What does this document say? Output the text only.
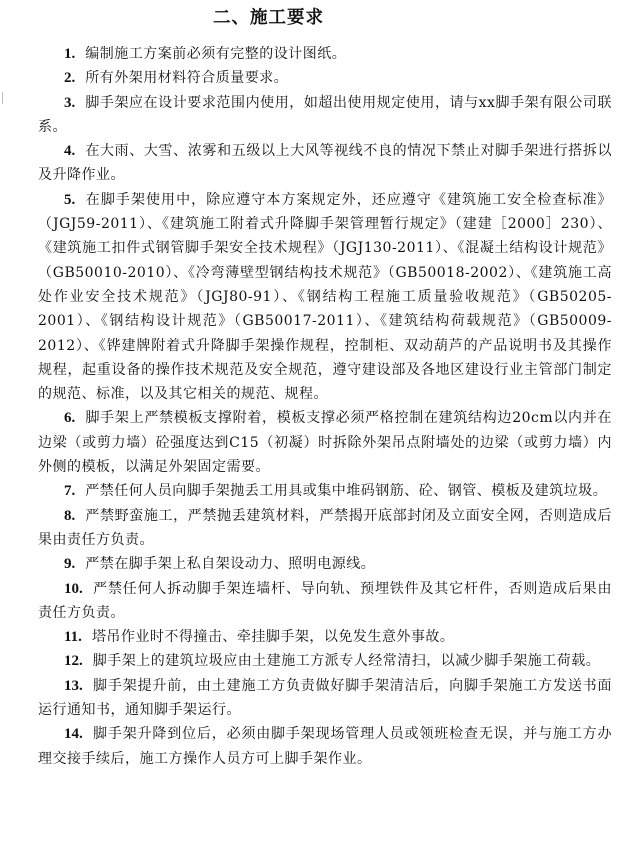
二、施工要求

1. 编制施工方案前必须有完整的设计图纸。

2. 所有外架用材料符合质量要求。

3. 脚手架应在设计要求范围内使用，如超出使用规定使用，请与xx脚手架有限公司联系。

4. 在大雨、大雪、浓雾和五级以上大风等视线不良的情况下禁止对脚手架进行搭拆以及升降作业。

5. 在脚手架使用中，除应遵守本方案规定外，还应遵守《建筑施工安全检查标准》（JGJ59-2011）、《建筑施工附着式升降脚手架管理暂行规定》（建建［2000］230）、《建筑施工扣件式钢管脚手架安全技术规程》（JGJ130-2011）、《混凝土结构设计规范》（GB50010-2010）、《冷弯薄壁型钢结构技术规范》（GB50018-2002）、《建筑施工高处作业安全技术规范》（JGJ80-91）、《钢结构工程施工质量验收规范》（GB50205-2001）、《钢结构设计规范》（GB50017-2011）、《建筑结构荷载规范》（GB50009-2012）、《铧建牌附着式升降脚手架操作规程，控制柜、双动葫芦的产品说明书及其操作规程，起重设备的操作技术规范及安全规范，遵守建设部及各地区建设行业主管部门制定的规范、标准，以及其它相关的规范、规程。

6. 脚手架上严禁模板支撑附着，模板支撑必须严格控制在建筑结构边20cm以内并在边梁（或剪力墙）砼强度达到C15（初凝）时拆除外架吊点附墙处的边梁（或剪力墙）内外侧的模板，以满足外架固定需要。

7. 严禁任何人员向脚手架抛丢工用具或集中堆码钢筋、砼、钢管、模板及建筑垃圾。

8. 严禁野蛮施工，严禁抛丢建筑材料，严禁揭开底部封闭及立面安全网，否则造成后果由责任方负责。

9. 严禁在脚手架上私自架设动力、照明电源线。

10. 严禁任何人拆动脚手架连墙杆、导向轨、预埋铁件及其它杆件，否则造成后果由责任方负责。

11. 塔吊作业时不得撞击、牵挂脚手架，以免发生意外事故。

12. 脚手架上的建筑垃圾应由土建施工方派专人经常清扫，以减少脚手架施工荷载。

13. 脚手架提升前，由土建施工方负责做好脚手架清洁后，向脚手架施工方发送书面运行通知书，通知脚手架运行。

14. 脚手架升降到位后，必须由脚手架现场管理人员或领班检查无误，并与施工方办理交接手续后，施工方操作人员方可上脚手架作业。
